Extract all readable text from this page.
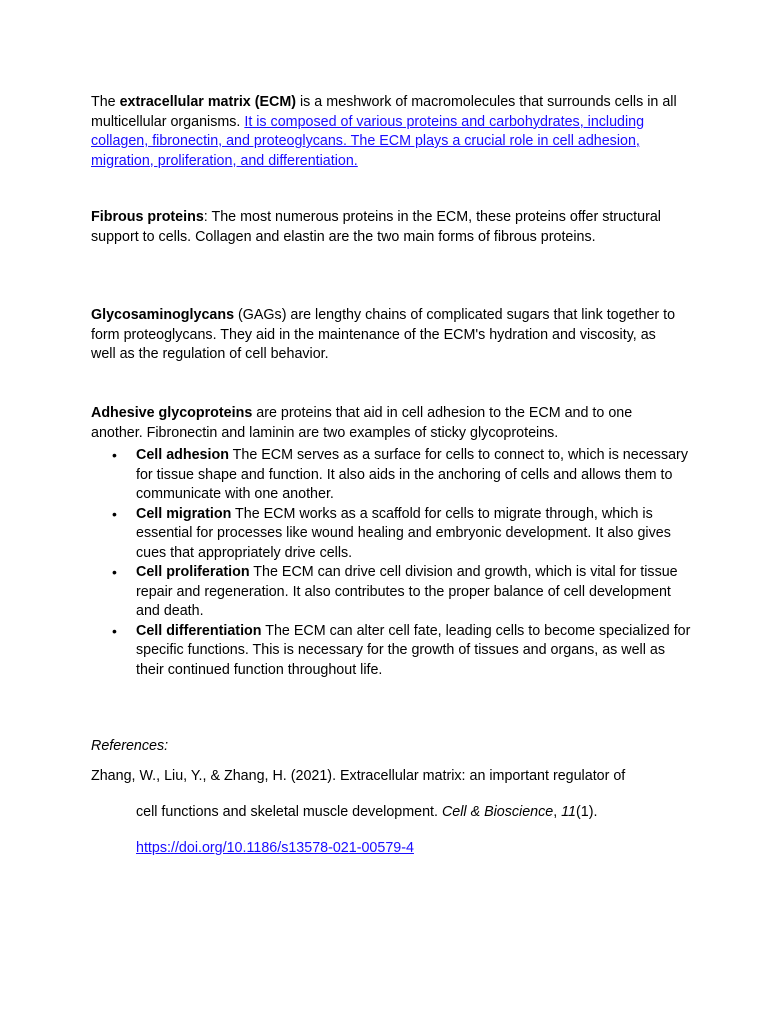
The extracellular matrix (ECM) is a meshwork of macromolecules that surrounds cells in all multicellular organisms. It is composed of various proteins and carbohydrates, including collagen, fibronectin, and proteoglycans. The ECM plays a crucial role in cell adhesion, migration, proliferation, and differentiation.

Fibrous proteins: The most numerous proteins in the ECM, these proteins offer structural support to cells. Collagen and elastin are the two main forms of fibrous proteins.

Glycosaminoglycans (GAGs) are lengthy chains of complicated sugars that link together to form proteoglycans. They aid in the maintenance of the ECM's hydration and viscosity, as well as the regulation of cell behavior.

Adhesive glycoproteins are proteins that aid in cell adhesion to the ECM and to one another. Fibronectin and laminin are two examples of sticky glycoproteins.

• Cell adhesion The ECM serves as a surface for cells to connect to, which is necessary for tissue shape and function. It also aids in the anchoring of cells and allows them to communicate with one another.
• Cell migration The ECM works as a scaffold for cells to migrate through, which is essential for processes like wound healing and embryonic development. It also gives cues that appropriately drive cells.
• Cell proliferation The ECM can drive cell division and growth, which is vital for tissue repair and regeneration. It also contributes to the proper balance of cell development and death.
• Cell differentiation The ECM can alter cell fate, leading cells to become specialized for specific functions. This is necessary for the growth of tissues and organs, as well as their continued function throughout life.

References:

Zhang, W., Liu, Y., & Zhang, H. (2021). Extracellular matrix: an important regulator of

cell functions and skeletal muscle development. Cell & Bioscience, 11(1).

https://doi.org/10.1186/s13578-021-00579-4
